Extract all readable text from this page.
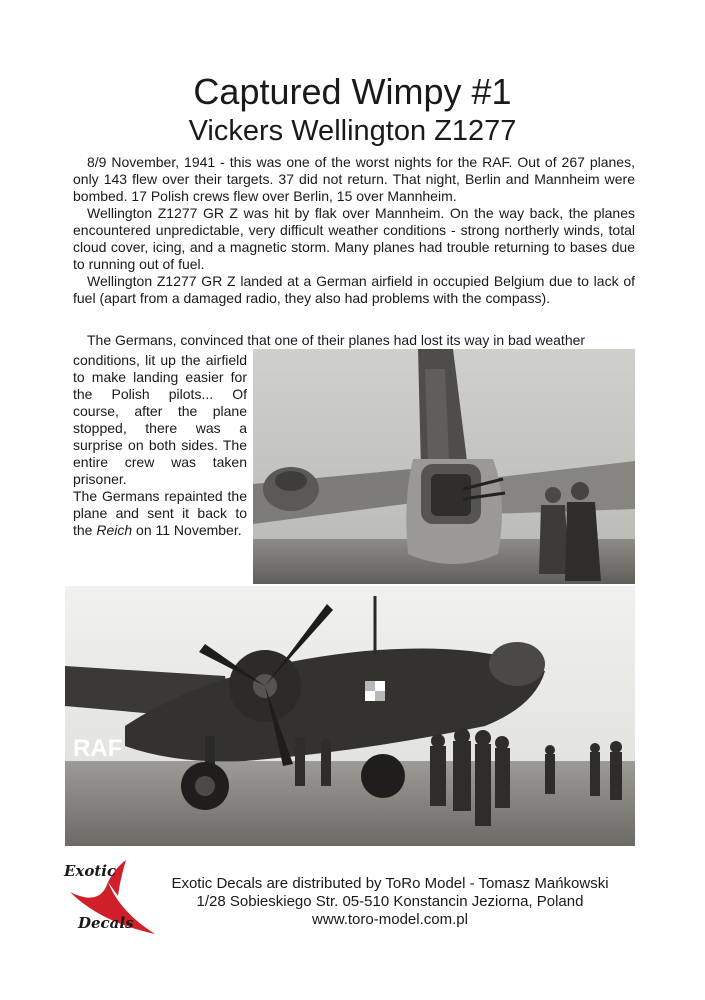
Captured Wimpy #1
Vickers Wellington Z1277

8/9 November, 1941 - this was one of the worst nights for the RAF. Out of 267 planes, only 143 flew over their targets. 37 did not return. That night, Berlin and Mannheim were bombed. 17 Polish crews flew over Berlin, 15 over Mannheim.

Wellington Z1277 GR Z was hit by flak over Mannheim. On the way back, the planes encountered unpredictable, very difficult weather conditions - strong northerly winds, total cloud cover, icing, and a magnetic storm. Many planes had trouble returning to bases due to running out of fuel.

Wellington Z1277 GR Z landed at a German airfield in occupied Belgium due to lack of fuel (apart from a damaged radio, they also had problems with the compass).

The Germans, convinced that one of their planes had lost its way in bad weather

conditions, lit up the airfield to make landing easier for the Polish pilots... Of course, after the plane stopped, there was a surprise on both sides. The entire crew was taken prisoner.

The Germans repainted the plane and sent it back to the Reich on 11 November.

RAF
Exotic
Decals
Exotic Decals are distributed by ToRo Model - Tomasz Mańkowski
1/28 Sobieskiego Str. 05-510 Konstancin Jeziorna, Poland
www.toro-model.com.pl
